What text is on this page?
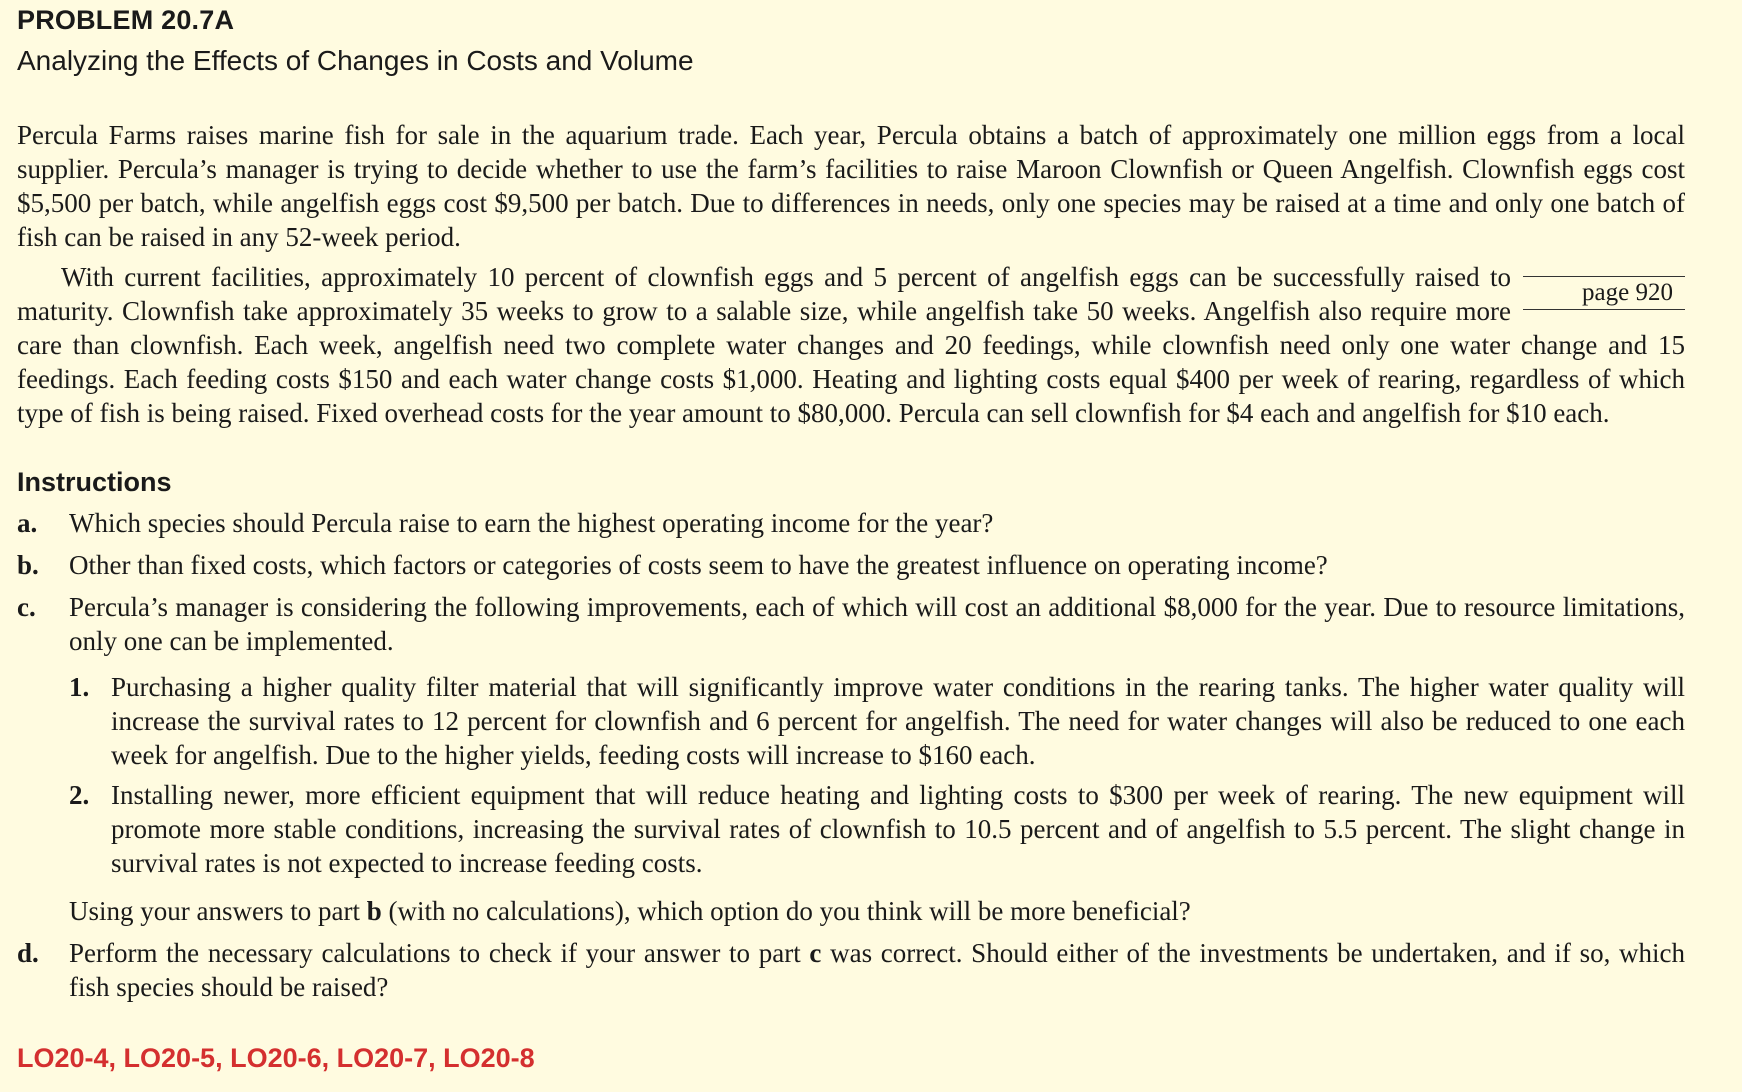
PROBLEM 20.7A
Analyzing the Effects of Changes in Costs and Volume

Percula Farms raises marine fish for sale in the aquarium trade. Each year, Percula obtains a batch of approximately one million eggs from a local supplier. Percula’s manager is trying to decide whether to use the farm’s facilities to raise Maroon Clownfish or Queen Angelfish. Clownfish eggs cost $5,500 per batch, while angelfish eggs cost $9,500 per batch. Due to differences in needs, only one species may be raised at a time and only one batch of fish can be raised in any 52-week period.

page 920
With current facilities, approximately 10 percent of clownfish eggs and 5 percent of angelfish eggs can be successfully raised to maturity. Clownfish take approximately 35 weeks to grow to a salable size, while angelfish take 50 weeks. Angelfish also require more care than clownfish. Each week, angelfish need two complete water changes and 20 feedings, while clownfish need only one water change and 15 feedings. Each feeding costs $150 and each water change costs $1,000. Heating and lighting costs equal $400 per week of rearing, regardless of which type of fish is being raised. Fixed overhead costs for the year amount to $80,000. Percula can sell clownfish for $4 each and angelfish for $10 each.

Instructions
a.	Which species should Percula raise to earn the highest operating income for the year?
b.	Other than fixed costs, which factors or categories of costs seem to have the greatest influence on operating income?
c.	Percula’s manager is considering the following improvements, each of which will cost an additional $8,000 for the year. Due to resource limitations, only one can be implemented.
1. Purchasing a higher quality filter material that will significantly improve water conditions in the rearing tanks. The higher water quality will increase the survival rates to 12 percent for clownfish and 6 percent for angelfish. The need for water changes will also be reduced to one each week for angelfish. Due to the higher yields, feeding costs will increase to $160 each.
2. Installing newer, more efficient equipment that will reduce heating and lighting costs to $300 per week of rearing. The new equipment will promote more stable conditions, increasing the survival rates of clownfish to 10.5 percent and of angelfish to 5.5 percent. The slight change in survival rates is not expected to increase feeding costs.
Using your answers to part b (with no calculations), which option do you think will be more beneficial?
d.	Perform the necessary calculations to check if your answer to part c was correct. Should either of the investments be undertaken, and if so, which fish species should be raised?
LO20-4, LO20-5, LO20-6, LO20-7, LO20-8
